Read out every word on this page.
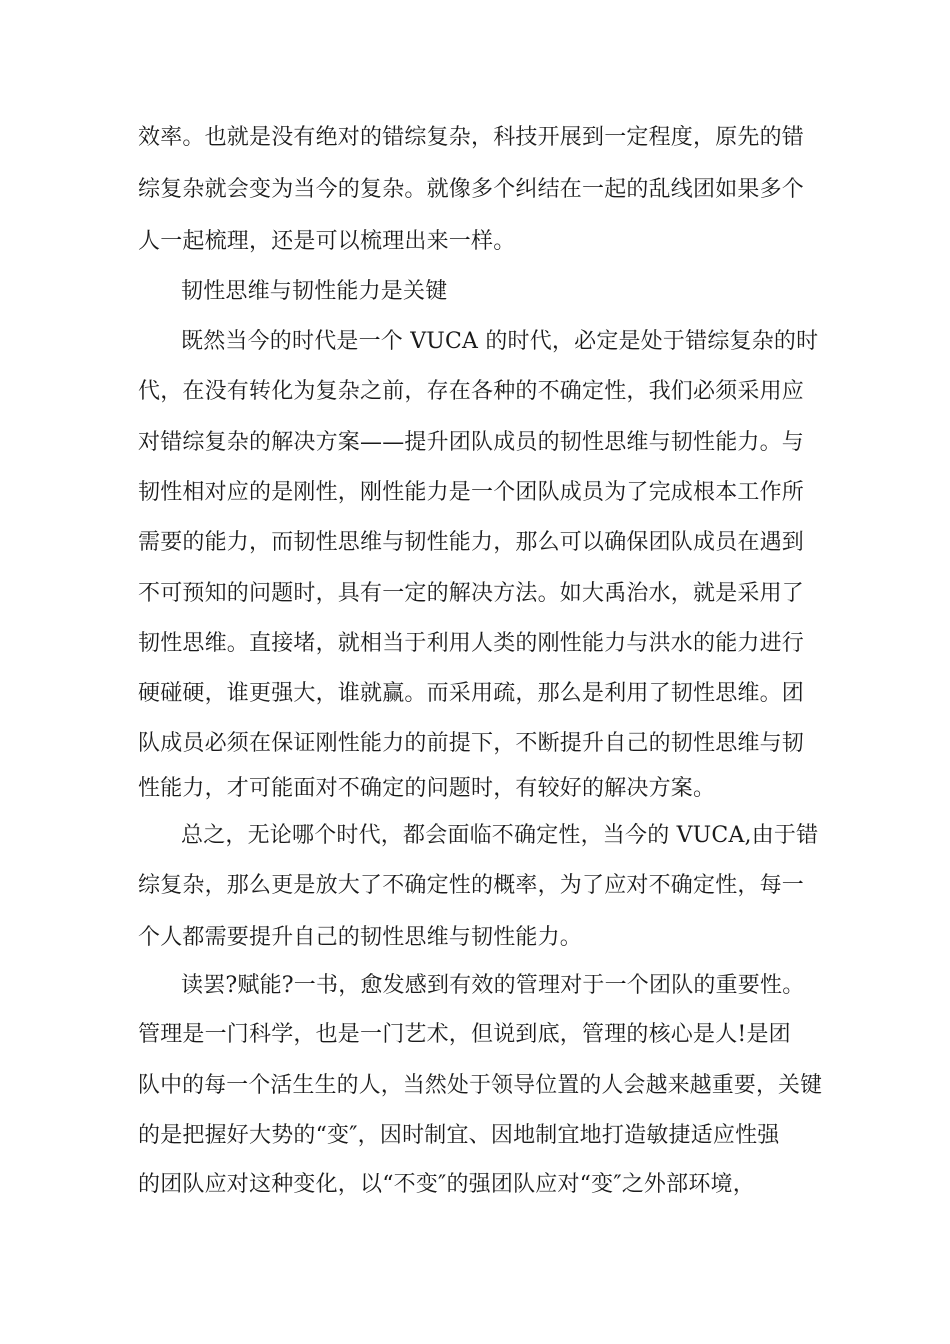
效率。也就是没有绝对的错综复杂，科技开展到一定程度，原先的错
综复杂就会变为当今的复杂。就像多个纠结在一起的乱线团如果多个
人一起梳理，还是可以梳理出来一样。
韧性思维与韧性能力是关键
既然当今的时代是一个 VUCA 的时代，必定是处于错综复杂的时
代，在没有转化为复杂之前，存在各种的不确定性，我们必须采用应
对错综复杂的解决方案——提升团队成员的韧性思维与韧性能力。与
韧性相对应的是刚性，刚性能力是一个团队成员为了完成根本工作所
需要的能力，而韧性思维与韧性能力，那么可以确保团队成员在遇到
不可预知的问题时，具有一定的解决方法。如大禹治水，就是采用了
韧性思维。直接堵，就相当于利用人类的刚性能力与洪水的能力进行
硬碰硬，谁更强大，谁就赢。而采用疏，那么是利用了韧性思维。团
队成员必须在保证刚性能力的前提下，不断提升自己的韧性思维与韧
性能力，才可能面对不确定的问题时，有较好的解决方案。
总之，无论哪个时代，都会面临不确定性，当今的 VUCA,由于错
综复杂，那么更是放大了不确定性的概率，为了应对不确定性，每一
个人都需要提升自己的韧性思维与韧性能力。
读罢?赋能?一书，愈发感到有效的管理对于一个团队的重要性。
管理是一门科学，也是一门艺术，但说到底，管理的核心是人!是团
队中的每一个活生生的人，当然处于领导位置的人会越来越重要，关键
的是把握好大势的“变″，因时制宜、因地制宜地打造敏捷适应性强
的团队应对这种变化，以“不变″的强团队应对“变″之外部环境，
